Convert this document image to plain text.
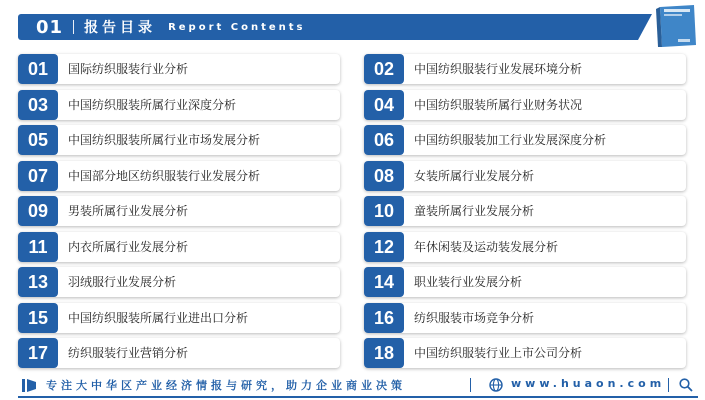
01 报告目录 Report Contents
01	国际纺织服装行业分析	02	中国纺织服装行业发展环境分析
03	中国纺织服装所属行业深度分析	04	中国纺织服装所属行业财务状况
05	中国纺织服装所属行业市场发展分析	06	中国纺织服装加工行业发展深度分析
07	中国部分地区纺织服装行业发展分析	08	女装所属行业发展分析
09	男装所属行业发展分析	10	童装所属行业发展分析
11	内衣所属行业发展分析	12	年休闲装及运动装发展分析
13	羽绒服行业发展分析	14	职业装行业发展分析
15	中国纺织服装所属行业进出口分析	16	纺织服装市场竞争分析
17	纺织服装行业营销分析	18	中国纺织服装行业上市公司分析
专注大中华区产业经济情报与研究，助力企业商业决策	www.huaon.com
